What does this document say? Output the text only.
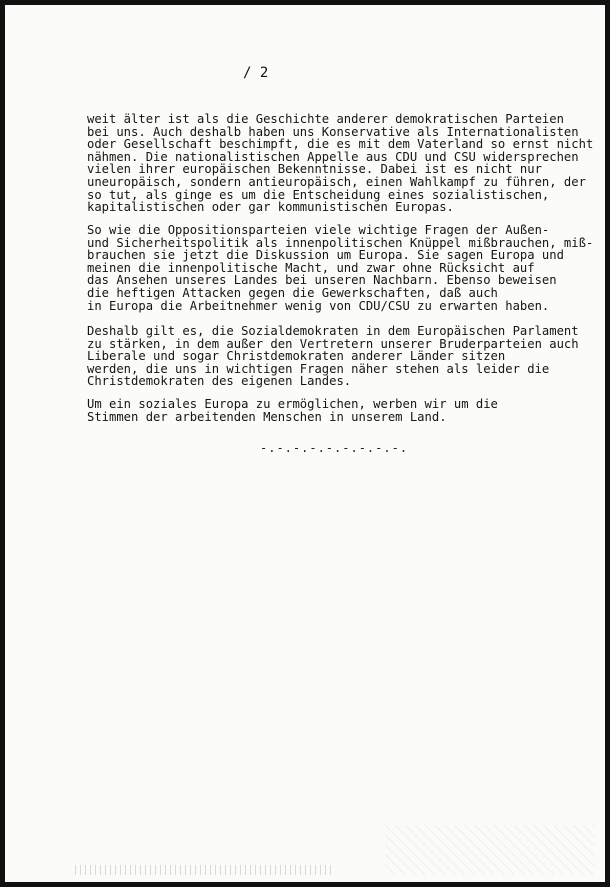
/ 2
weit älter ist als die Geschichte anderer demokratischen Parteien
bei uns. Auch deshalb haben uns Konservative als Internationalisten
oder Gesellschaft beschimpft, die es mit dem Vaterland so ernst nicht
nähmen. Die nationalistischen Appelle aus CDU und CSU widersprechen
vielen ihrer europäischen Bekenntnisse. Dabei ist es nicht nur
uneuropäisch, sondern antieuropäisch, einen Wahlkampf zu führen, der
so tut, als ginge es um die Entscheidung eines sozialistischen,
kapitalistischen oder gar kommunistischen Europas.
So wie die Oppositionsparteien viele wichtige Fragen der Außen-
und Sicherheitspolitik als innenpolitischen Knüppel mißbrauchen, miß-
brauchen sie jetzt die Diskussion um Europa. Sie sagen Europa und
meinen die innenpolitische Macht, und zwar ohne Rücksicht auf
das Ansehen unseres Landes bei unseren Nachbarn. Ebenso beweisen
die heftigen Attacken gegen die Gewerkschaften, daß auch
in Europa die Arbeitnehmer wenig von CDU/CSU zu erwarten haben.
Deshalb gilt es, die Sozialdemokraten in dem Europäischen Parlament
zu stärken, in dem außer den Vertretern unserer Bruderparteien auch
Liberale und sogar Christdemokraten anderer Länder sitzen
werden, die uns in wichtigen Fragen näher stehen als leider die
Christdemokraten des eigenen Landes.
Um ein soziales Europa zu ermöglichen, werben wir um die
Stimmen der arbeitenden Menschen in unserem Land.
-.-.-.-.-.-.-.-.-.
